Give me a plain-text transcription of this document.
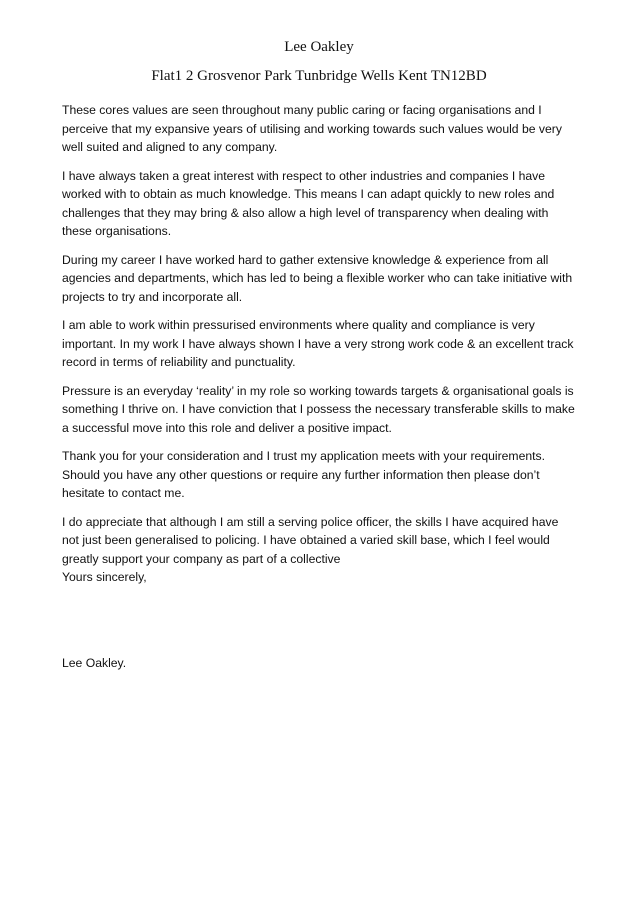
Lee Oakley
Flat1 2 Grosvenor Park Tunbridge Wells Kent TN12BD

These cores values are seen throughout many public caring or facing organisations and I perceive that my expansive years of utilising and working towards such values would be very well suited and aligned to any company.

I have always taken a great interest with respect to other industries and companies I have worked with to obtain as much knowledge. This means I can adapt quickly to new roles and challenges that they may bring & also allow a high level of transparency when dealing with these organisations.

During my career I have worked hard to gather extensive knowledge & experience from all agencies and departments, which has led to being a flexible worker who can take initiative with projects to try and incorporate all.

I am able to work within pressurised environments where quality and compliance is very important. In my work I have always shown I have a very strong work code & an excellent track record in terms of reliability and punctuality.

Pressure is an everyday ‘reality’ in my role so working towards targets & organisational goals is something I thrive on. I have conviction that I possess the necessary transferable skills to make a successful move into this role and deliver a positive impact.

Thank you for your consideration and I trust my application meets with your requirements. Should you have any other questions or require any further information then please don’t hesitate to contact me.

I do appreciate that although I am still a serving police officer, the skills I have acquired have not just been generalised to policing. I have obtained a varied skill base, which I feel would greatly support your company as part of a collective

Yours sincerely,
Lee Oakley.
